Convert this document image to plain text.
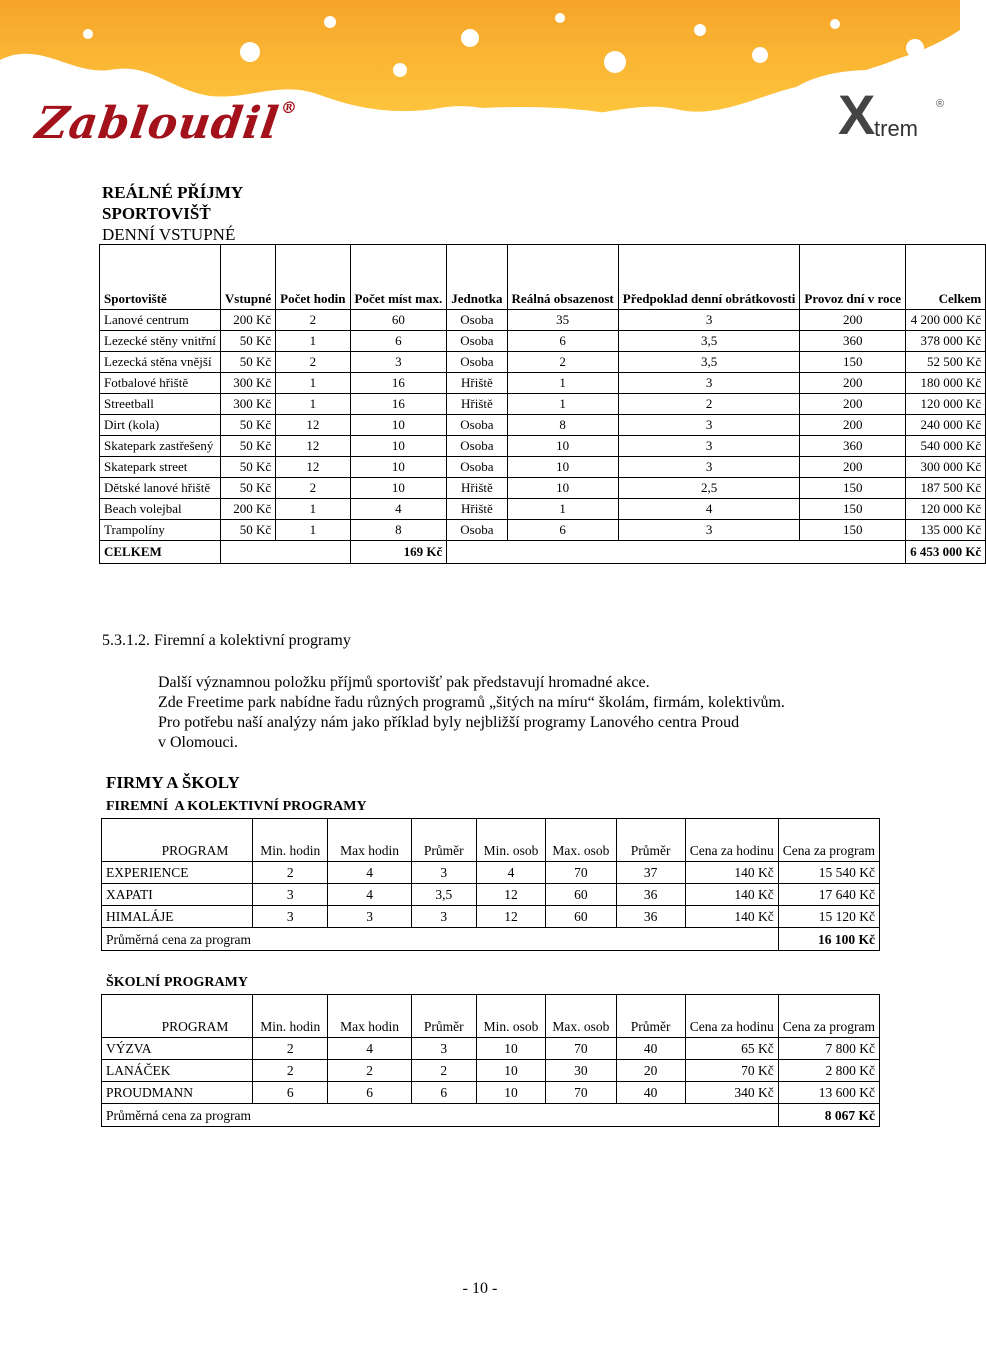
Zabloudil®	X
trem
®
REÁLNÉ PŘÍJMY
SPORTOVIŠŤ
DENNÍ VSTUPNÉ
Sportoviště	Vstupné	Počet hodin	Počet míst max.	Jednotka	Reálná obsazenost	Předpoklad denní obrátkovosti	Provoz dní v roce	Celkem
Lanové centrum	200 Kč	2	60	Osoba	35	3	200	4 200 000 Kč
Lezecké stěny vnitřní	50 Kč	1	6	Osoba	6	3,5	360	378 000 Kč
Lezecká stěna vnější	50 Kč	2	3	Osoba	2	3,5	150	52 500 Kč
Fotbalové hřiště	300 Kč	1	16	Hřiště	1	3	200	180 000 Kč
Streetball	300 Kč	1	16	Hřiště	1	2	200	120 000 Kč
Dirt (kola)	50 Kč	12	10	Osoba	8	3	200	240 000 Kč
Skatepark zastřešený	50 Kč	12	10	Osoba	10	3	360	540 000 Kč
Skatepark street	50 Kč	12	10	Osoba	10	3	200	300 000 Kč
Dětské lanové hřiště	50 Kč	2	10	Hřiště	10	2,5	150	187 500 Kč
Beach volejbal	200 Kč	1	4	Hřiště	1	4	150	120 000 Kč
Trampolíny	50 Kč	1	8	Osoba	6	3	150	135 000 Kč
CELKEM			169 Kč					6 453 000 Kč
5.3.1.2. Firemní a kolektivní programy
Další významnou položku příjmů sportovišť pak představují hromadné akce.
Zde Freetime park nabídne řadu různých programů „šitých na míru“ školám, firmám, kolektivům.
Pro potřebu naší analýzy nám jako příklad byly nejbližší programy Lanového centra Proud
v Olomouci.
FIRMY A ŠKOLY
FIREMNÍ  A KOLEKTIVNÍ PROGRAMY
PROGRAM	Min. hodin	Max hodin	Průměr	Min. osob	Max. osob	Průměr	Cena za hodinu	Cena za program
EXPERIENCE	2	4	3	4	70	37	140 Kč	15 540 Kč
XAPATI	3	4	3,5	12	60	36	140 Kč	17 640 Kč
HIMALÁJE	3	3	3	12	60	36	140 Kč	15 120 Kč
Průměrná cena za program								16 100 Kč
ŠKOLNÍ PROGRAMY
PROGRAM	Min. hodin	Max hodin	Průměr	Min. osob	Max. osob	Průměr	Cena za hodinu	Cena za program
VÝZVA	2	4	3	10	70	40	65 Kč	7 800 Kč
LANÁČEK	2	2	2	10	30	20	70 Kč	2 800 Kč
PROUDMANN	6	6	6	10	70	40	340 Kč	13 600 Kč
Průměrná cena za program								8 067 Kč
- 10 -
